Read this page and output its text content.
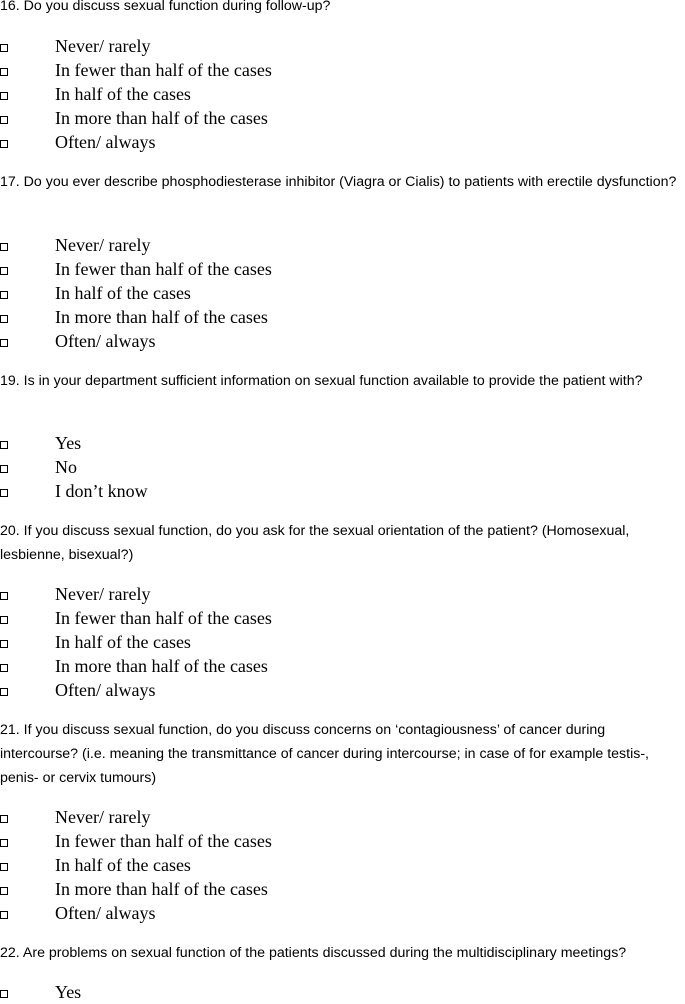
16. Do you discuss sexual function during follow-up?
Never/ rarely
In fewer than half of the cases
In half of the cases
In more than half of the cases
Often/ always
17. Do you ever describe phosphodiesterase inhibitor (Viagra or Cialis) to patients with erectile dysfunction?
Never/ rarely
In fewer than half of the cases
In half of the cases
In more than half of the cases
Often/ always
19. Is in your department sufficient information on sexual function available to provide the patient with?
Yes
No
I don’t know
20. If you discuss sexual function, do you ask for the sexual orientation of the patient? (Homosexual, lesbienne, bisexual?)
Never/ rarely
In fewer than half of the cases
In half of the cases
In more than half of the cases
Often/ always
21. If you discuss sexual function, do you discuss concerns on ‘contagiousness’ of cancer during intercourse? (i.e. meaning the transmittance of cancer during intercourse; in case of for example testis-, penis- or cervix tumours)
Never/ rarely
In fewer than half of the cases
In half of the cases
In more than half of the cases
Often/ always
22. Are problems on sexual function of the patients discussed during the multidisciplinary meetings?
Yes
